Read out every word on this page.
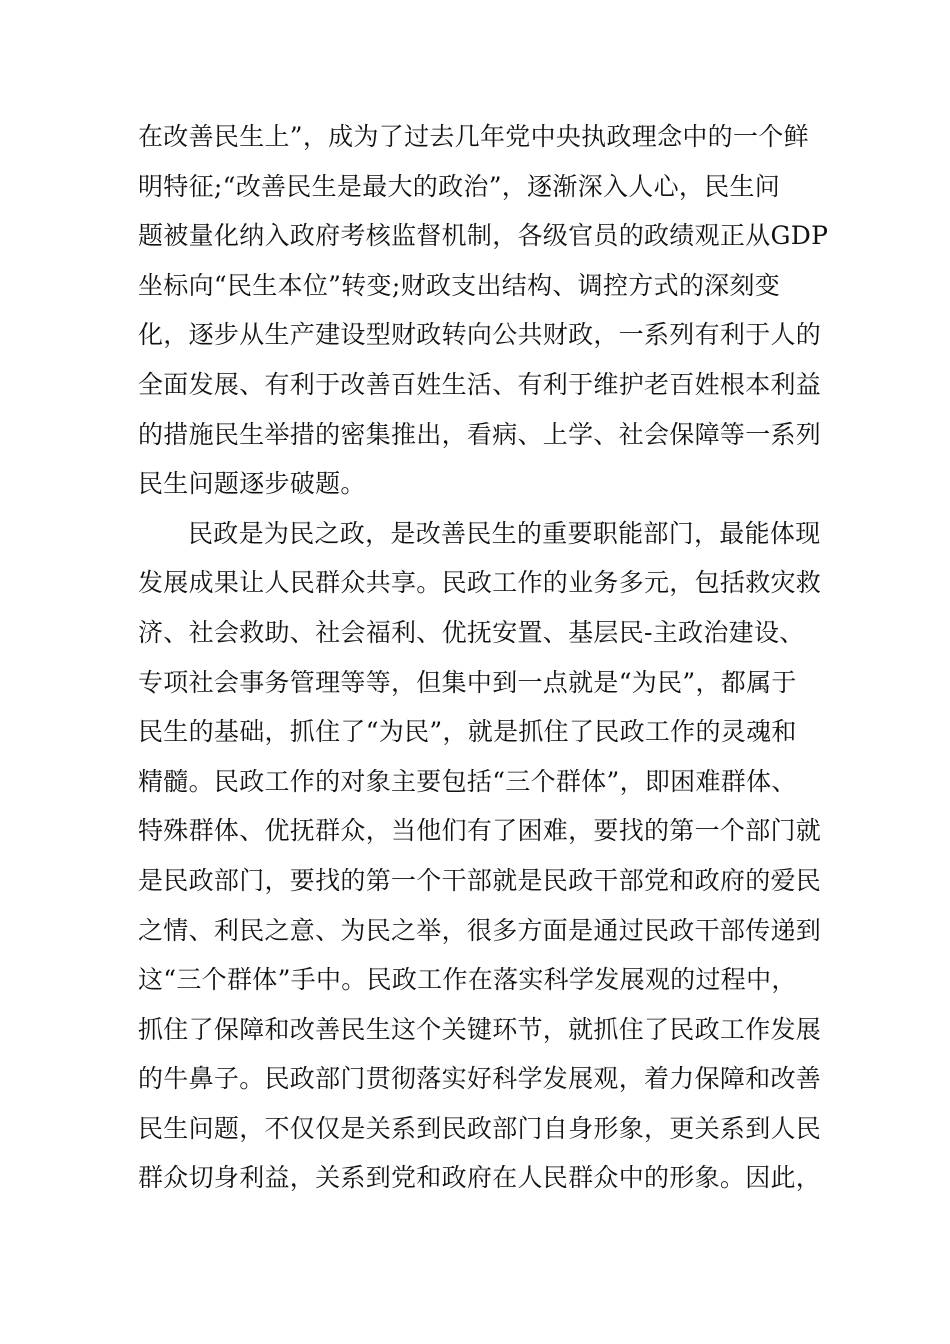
在改善民生上”，成为了过去几年党中央执政理念中的一个鲜
明特征;“改善民生是最大的政治”，逐渐深入人心，民生问
题被量化纳入政府考核监督机制，各级官员的政绩观正从GDP
坐标向“民生本位”转变;财政支出结构、调控方式的深刻变
化，逐步从生产建设型财政转向公共财政，一系列有利于人的
全面发展、有利于改善百姓生活、有利于维护老百姓根本利益
的措施民生举措的密集推出，看病、上学、社会保障等一系列
民生问题逐步破题。
民政是为民之政，是改善民生的重要职能部门，最能体现
发展成果让人民群众共享。民政工作的业务多元，包括救灾救
济、社会救助、社会福利、优抚安置、基层民-主政治建设、
专项社会事务管理等等，但集中到一点就是“为民”，都属于
民生的基础，抓住了“为民”，就是抓住了民政工作的灵魂和
精髓。民政工作的对象主要包括“三个群体”，即困难群体、
特殊群体、优抚群众，当他们有了困难，要找的第一个部门就
是民政部门，要找的第一个干部就是民政干部党和政府的爱民
之情、利民之意、为民之举，很多方面是通过民政干部传递到
这“三个群体”手中。民政工作在落实科学发展观的过程中，
抓住了保障和改善民生这个关键环节，就抓住了民政工作发展
的牛鼻子。民政部门贯彻落实好科学发展观，着力保障和改善
民生问题，不仅仅是关系到民政部门自身形象，更关系到人民
群众切身利益，关系到党和政府在人民群众中的形象。因此，
